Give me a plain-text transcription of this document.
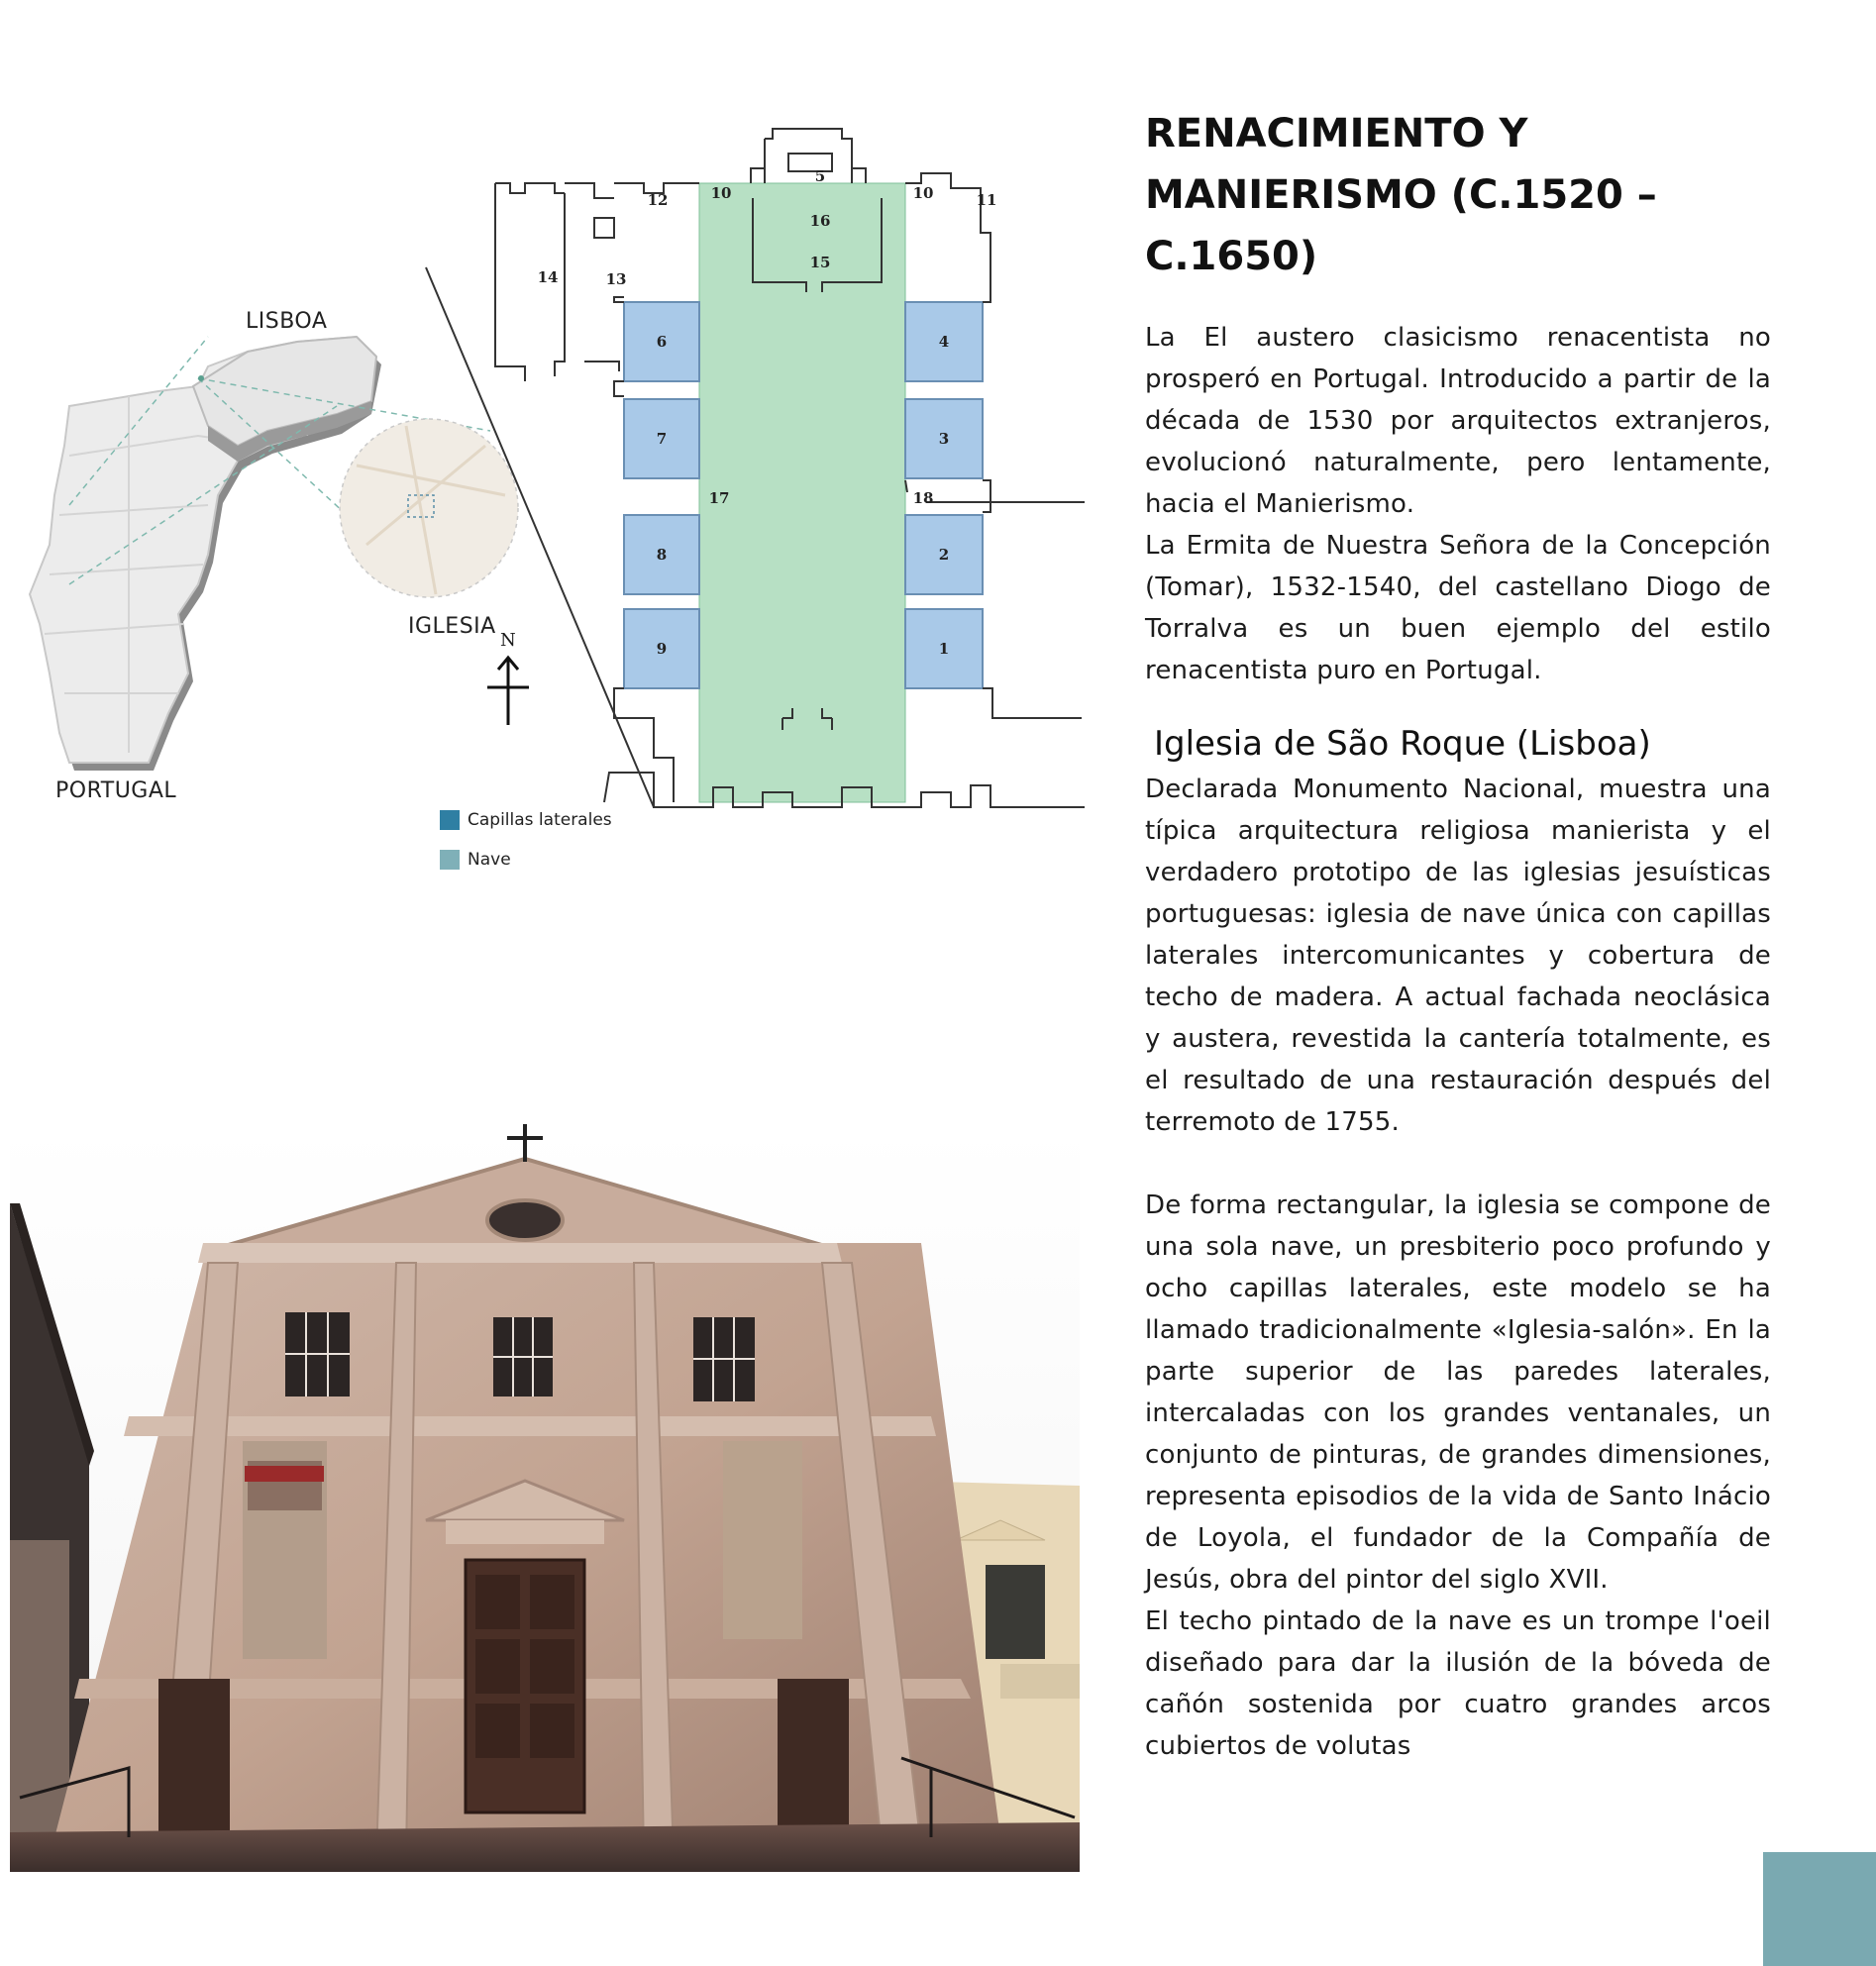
LISBOA
IGLESIA
PORTUGAL
N
5
16
15
10	10	11
12
13
14
6
7
8
9
4
3
2
1
17	18
Capillas laterales
Nave
RENACIMIENTO Y
MANIERISMO (C.1520 –
C.1650)

La El austero clasicismo renacentista no prosperó en Portugal. Introducido a partir de la década de 1530 por arquitectos extranjeros, evolucionó naturalmente, pero lentamente, hacia el Manierismo.

La Ermita de Nuestra Señora de la Concepción (Tomar), 1532-1540, del castellano Diogo de Torralva es un buen ejemplo del estilo renacentista puro en Portugal.

Iglesia de São Roque (Lisboa)

Declarada Monumento Nacional, muestra una típica arquitectura religiosa manierista y el verdadero prototipo de las iglesias jesuísticas portuguesas: iglesia de nave única con capillas laterales intercomunicantes y cobertura de techo de madera. A actual fachada neoclásica y austera, revestida la cantería totalmente, es el resultado de una restauración después del terremoto de 1755.

De forma rectangular, la iglesia se compone de una sola nave, un presbiterio poco profundo y ocho capillas laterales, este modelo se ha llamado tradicionalmente «Iglesia-salón». En la parte superior de las paredes laterales, intercaladas con los grandes ventanales, un conjunto de pinturas, de grandes dimensiones, representa episodios de la vida de Santo Inácio de Loyola, el fundador de la Compañía de Jesús, obra del pintor del siglo XVII.

El techo pintado de la nave es un trompe l'oeil diseñado para dar la ilusión de la bóveda de cañón sostenida por cuatro grandes arcos cubiertos de volutas
